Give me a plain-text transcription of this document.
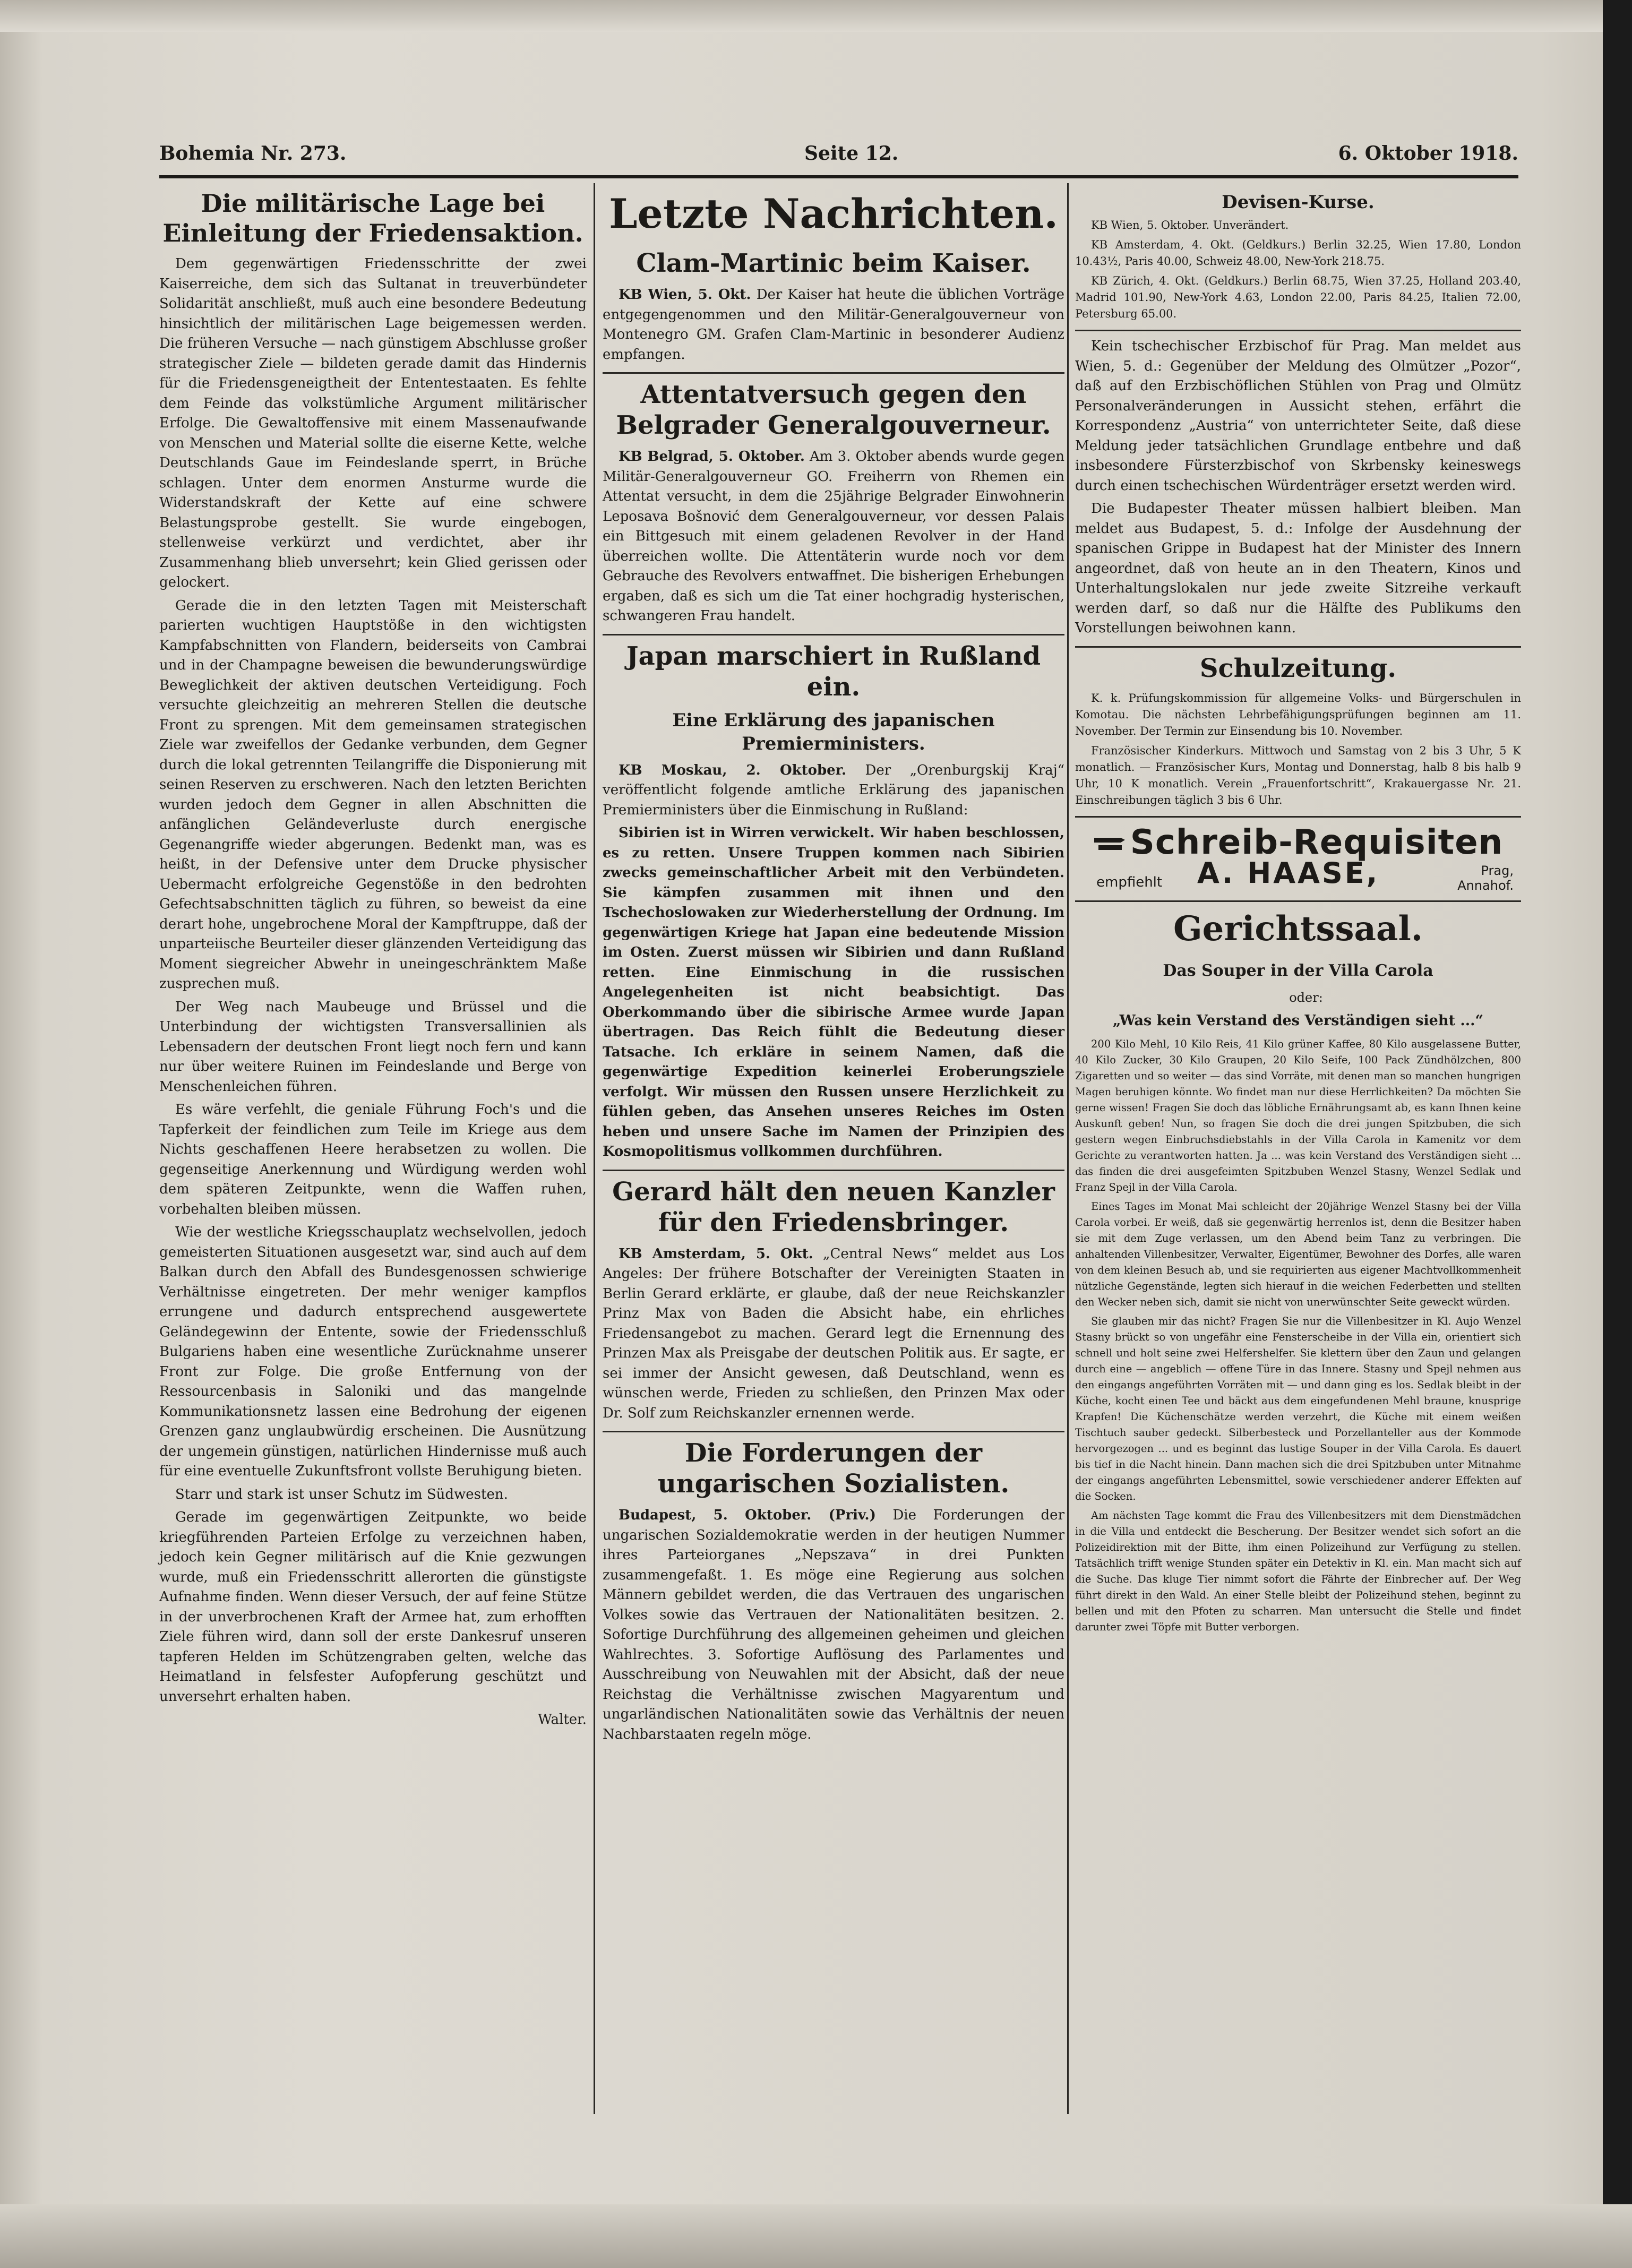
Bohemia Nr. 273.	Seite 12.	6. Oktober 1918.
Die militärische Lage bei Einleitung der Friedensaktion.

Dem gegenwärtigen Friedensschritte der zwei Kaiserreiche, dem sich das Sultanat in treuverbündeter Solidarität anschließt, muß auch eine besondere Bedeutung hinsichtlich der militärischen Lage beigemessen werden. Die früheren Versuche — nach günstigem Abschlusse großer strategischer Ziele — bildeten gerade damit das Hindernis für die Friedensgeneigtheit der Ententestaaten. Es fehlte dem Feinde das volkstümliche Argument militärischer Erfolge. Die Gewaltoffensive mit einem Massenaufwande von Menschen und Material sollte die eiserne Kette, welche Deutschlands Gaue im Feindeslande sperrt, in Brüche schlagen. Unter dem enormen Ansturme wurde die Widerstandskraft der Kette auf eine schwere Belastungsprobe gestellt. Sie wurde eingebogen, stellenweise verkürzt und verdichtet, aber ihr Zusammenhang blieb unversehrt; kein Glied gerissen oder gelockert.

Gerade die in den letzten Tagen mit Meisterschaft parierten wuchtigen Hauptstöße in den wichtigsten Kampfabschnitten von Flandern, beiderseits von Cambrai und in der Champagne beweisen die bewunderungswürdige Beweglichkeit der aktiven deutschen Verteidigung. Foch versuchte gleichzeitig an mehreren Stellen die deutsche Front zu sprengen. Mit dem gemeinsamen strategischen Ziele war zweifellos der Gedanke verbunden, dem Gegner durch die lokal getrennten Teilangriffe die Disponierung mit seinen Reserven zu erschweren. Nach den letzten Berichten wurden jedoch dem Gegner in allen Abschnitten die anfänglichen Geländeverluste durch energische Gegenangriffe wieder abgerungen. Bedenkt man, was es heißt, in der Defensive unter dem Drucke physischer Uebermacht erfolgreiche Gegenstöße in den bedrohten Gefechtsabschnitten täglich zu führen, so beweist da eine derart hohe, ungebrochene Moral der Kampftruppe, daß der unparteiische Beurteiler dieser glänzenden Verteidigung das Moment siegreicher Abwehr in uneingeschränktem Maße zusprechen muß.

Der Weg nach Maubeuge und Brüssel und die Unterbindung der wichtigsten Transversallinien als Lebensadern der deutschen Front liegt noch fern und kann nur über weitere Ruinen im Feindeslande und Berge von Menschenleichen führen.

Es wäre verfehlt, die geniale Führung Foch's und die Tapferkeit der feindlichen zum Teile im Kriege aus dem Nichts geschaffenen Heere herabsetzen zu wollen. Die gegenseitige Anerkennung und Würdigung werden wohl dem späteren Zeitpunkte, wenn die Waffen ruhen, vorbehalten bleiben müssen.

Wie der westliche Kriegsschauplatz wechselvollen, jedoch gemeisterten Situationen ausgesetzt war, sind auch auf dem Balkan durch den Abfall des Bundesgenossen schwierige Verhältnisse eingetreten. Der mehr weniger kampflos errungene und dadurch entsprechend ausgewertete Geländegewinn der Entente, sowie der Friedensschluß Bulgariens haben eine wesentliche Zurücknahme unserer Front zur Folge. Die große Entfernung von der Ressourcenbasis in Saloniki und das mangelnde Kommunikationsnetz lassen eine Bedrohung der eigenen Grenzen ganz unglaubwürdig erscheinen. Die Ausnützung der ungemein günstigen, natürlichen Hindernisse muß auch für eine eventuelle Zukunftsfront vollste Beruhigung bieten.

Starr und stark ist unser Schutz im Südwesten.

Gerade im gegenwärtigen Zeitpunkte, wo beide kriegführenden Parteien Erfolge zu verzeichnen haben, jedoch kein Gegner militärisch auf die Knie gezwungen wurde, muß ein Friedensschritt allerorten die günstigste Aufnahme finden. Wenn dieser Versuch, der auf feine Stütze in der unverbrochenen Kraft der Armee hat, zum erhofften Ziele führen wird, dann soll der erste Dankesruf unseren tapferen Helden im Schützengraben gelten, welche das Heimatland in felsfester Aufopferung geschützt und unversehrt erhalten haben.

Walter.

Letzte Nachrichten.
Clam-Martinic beim Kaiser.

KB Wien, 5. Okt. Der Kaiser hat heute die üblichen Vorträge entgegengenommen und den Militär-Generalgouverneur von Montenegro GM. Grafen Clam-Martinic in besonderer Audienz empfangen.

Attentatversuch gegen den Belgrader Generalgouverneur.

KB Belgrad, 5. Oktober. Am 3. Oktober abends wurde gegen Militär-Generalgouverneur GO. Freiherrn von Rhemen ein Attentat versucht, in dem die 25jährige Belgrader Einwohnerin Leposava Bošnović dem Generalgouverneur, vor dessen Palais ein Bittgesuch mit einem geladenen Revolver in der Hand überreichen wollte. Die Attentäterin wurde noch vor dem Gebrauche des Revolvers entwaffnet. Die bisherigen Erhebungen ergaben, daß es sich um die Tat einer hochgradig hysterischen, schwangeren Frau handelt.

Japan marschiert in Rußland ein.
Eine Erklärung des japanischen Premierministers.

KB Moskau, 2. Oktober. Der „Orenburgskij Kraj“ veröffentlicht folgende amtliche Erklärung des japanischen Premierministers über die Einmischung in Rußland:

Sibirien ist in Wirren verwickelt. Wir haben beschlossen, es zu retten. Unsere Truppen kommen nach Sibirien zwecks gemeinschaftlicher Arbeit mit den Verbündeten. Sie kämpfen zusammen mit ihnen und den Tschechoslowaken zur Wiederherstellung der Ordnung. Im gegenwärtigen Kriege hat Japan eine bedeutende Mission im Osten. Zuerst müssen wir Sibirien und dann Rußland retten. Eine Einmischung in die russischen Angelegenheiten ist nicht beabsichtigt. Das Oberkommando über die sibirische Armee wurde Japan übertragen. Das Reich fühlt die Bedeutung dieser Tatsache. Ich erkläre in seinem Namen, daß die gegenwärtige Expedition keinerlei Eroberungsziele verfolgt. Wir müssen den Russen unsere Herzlichkeit zu fühlen geben, das Ansehen unseres Reiches im Osten heben und unsere Sache im Namen der Prinzipien des Kosmopolitismus vollkommen durchführen.

Gerard hält den neuen Kanzler für den Friedensbringer.

KB Amsterdam, 5. Okt. „Central News“ meldet aus Los Angeles: Der frühere Botschafter der Vereinigten Staaten in Berlin Gerard erklärte, er glaube, daß der neue Reichskanzler Prinz Max von Baden die Absicht habe, ein ehrliches Friedensangebot zu machen. Gerard legt die Ernennung des Prinzen Max als Preisgabe der deutschen Politik aus. Er sagte, er sei immer der Ansicht gewesen, daß Deutschland, wenn es wünschen werde, Frieden zu schließen, den Prinzen Max oder Dr. Solf zum Reichskanzler ernennen werde.

Die Forderungen der ungarischen Sozialisten.

Budapest, 5. Oktober. (Priv.) Die Forderungen der ungarischen Sozialdemokratie werden in der heutigen Nummer ihres Parteiorganes „Nepszava“ in drei Punkten zusammengefaßt. 1. Es möge eine Regierung aus solchen Männern gebildet werden, die das Vertrauen des ungarischen Volkes sowie das Vertrauen der Nationalitäten besitzen. 2. Sofortige Durchführung des allgemeinen geheimen und gleichen Wahlrechtes. 3. Sofortige Auflösung des Parlamentes und Ausschreibung von Neuwahlen mit der Absicht, daß der neue Reichstag die Verhältnisse zwischen Magyarentum und ungarländischen Nationalitäten sowie das Verhältnis der neuen Nachbarstaaten regeln möge.

Devisen-Kurse.

KB Wien, 5. Oktober. Unverändert.

KB Amsterdam, 4. Okt. (Geldkurs.) Berlin 32.25, Wien 17.80, London 10.43½, Paris 40.00, Schweiz 48.00, New-York 218.75.

KB Zürich, 4. Okt. (Geldkurs.) Berlin 68.75, Wien 37.25, Holland 203.40, Madrid 101.90, New-York 4.63, London 22.00, Paris 84.25, Italien 72.00, Petersburg 65.00.

Kein tschechischer Erzbischof für Prag. Man meldet aus Wien, 5. d.: Gegenüber der Meldung des Olmützer „Pozor“, daß auf den Erzbischöflichen Stühlen von Prag und Olmütz Personalveränderungen in Aussicht stehen, erfährt die Korrespondenz „Austria“ von unterrichteter Seite, daß diese Meldung jeder tatsächlichen Grundlage entbehre und daß insbesondere Fürsterzbischof von Skrbensky keineswegs durch einen tschechischen Würdenträger ersetzt werden wird.

Die Budapester Theater müssen halbiert bleiben. Man meldet aus Budapest, 5. d.: Infolge der Ausdehnung der spanischen Grippe in Budapest hat der Minister des Innern angeordnet, daß von heute an in den Theatern, Kinos und Unterhaltungslokalen nur jede zweite Sitzreihe verkauft werden darf, so daß nur die Hälfte des Publikums den Vorstellungen beiwohnen kann.

Schulzeitung.

K. k. Prüfungskommission für allgemeine Volks- und Bürgerschulen in Komotau. Die nächsten Lehrbefähigungsprüfungen beginnen am 11. November. Der Termin zur Einsendung bis 10. November.

Französischer Kinderkurs. Mittwoch und Samstag von 2 bis 3 Uhr, 5 K monatlich. — Französischer Kurs, Montag und Donnerstag, halb 8 bis halb 9 Uhr, 10 K monatlich. Verein „Frauenfortschritt“, Krakauergasse Nr. 21. Einschreibungen täglich 3 bis 6 Uhr.

Schreib-Requisiten
empfiehlt A. HAASE,	Prag,
Annahof.
Gerichtssaal.
Das Souper in der Villa Carola

oder:

„Was kein Verstand des Verständigen sieht ...“

200 Kilo Mehl, 10 Kilo Reis, 41 Kilo grüner Kaffee, 80 Kilo ausgelassene Butter, 40 Kilo Zucker, 30 Kilo Graupen, 20 Kilo Seife, 100 Pack Zündhölzchen, 800 Zigaretten und so weiter — das sind Vorräte, mit denen man so manchen hungrigen Magen beruhigen könnte. Wo findet man nur diese Herrlichkeiten? Da möchten Sie gerne wissen! Fragen Sie doch das löbliche Ernährungsamt ab, es kann Ihnen keine Auskunft geben! Nun, so fragen Sie doch die drei jungen Spitzbuben, die sich gestern wegen Einbruchsdiebstahls in der Villa Carola in Kamenitz vor dem Gerichte zu verantworten hatten. Ja ... was kein Verstand des Verständigen sieht ... das finden die drei ausgefeimten Spitzbuben Wenzel Stasny, Wenzel Sedlak und Franz Spejl in der Villa Carola.

Eines Tages im Monat Mai schleicht der 20jährige Wenzel Stasny bei der Villa Carola vorbei. Er weiß, daß sie gegenwärtig herrenlos ist, denn die Besitzer haben sie mit dem Zuge verlassen, um den Abend beim Tanz zu verbringen. Die anhaltenden Villenbesitzer, Verwalter, Eigentümer, Bewohner des Dorfes, alle waren von dem kleinen Besuch ab, und sie requirierten aus eigener Machtvollkommenheit nützliche Gegenstände, legten sich hierauf in die weichen Federbetten und stellten den Wecker neben sich, damit sie nicht von unerwünschter Seite geweckt würden.

Sie glauben mir das nicht? Fragen Sie nur die Villenbesitzer in Kl. Aujo Wenzel Stasny brückt so von ungefähr eine Fensterscheibe in der Villa ein, orientiert sich schnell und holt seine zwei Helfershelfer. Sie klettern über den Zaun und gelangen durch eine — angeblich — offene Türe in das Innere. Stasny und Spejl nehmen aus den eingangs angeführten Vorräten mit — und dann ging es los. Sedlak bleibt in der Küche, kocht einen Tee und bäckt aus dem eingefundenen Mehl braune, knusprige Krapfen! Die Küchenschätze werden verzehrt, die Küche mit einem weißen Tischtuch sauber gedeckt. Silberbesteck und Porzellanteller aus der Kommode hervorgezogen ... und es beginnt das lustige Souper in der Villa Carola. Es dauert bis tief in die Nacht hinein. Dann machen sich die drei Spitzbuben unter Mitnahme der eingangs angeführten Lebensmittel, sowie verschiedener anderer Effekten auf die Socken.

Am nächsten Tage kommt die Frau des Villenbesitzers mit dem Dienstmädchen in die Villa und entdeckt die Bescherung. Der Besitzer wendet sich sofort an die Polizeidirektion mit der Bitte, ihm einen Polizeihund zur Verfügung zu stellen. Tatsächlich trifft wenige Stunden später ein Detektiv in Kl. ein. Man macht sich auf die Suche. Das kluge Tier nimmt sofort die Fährte der Einbrecher auf. Der Weg führt direkt in den Wald. An einer Stelle bleibt der Polizeihund stehen, beginnt zu bellen und mit den Pfoten zu scharren. Man untersucht die Stelle und findet darunter zwei Töpfe mit Butter verborgen.
